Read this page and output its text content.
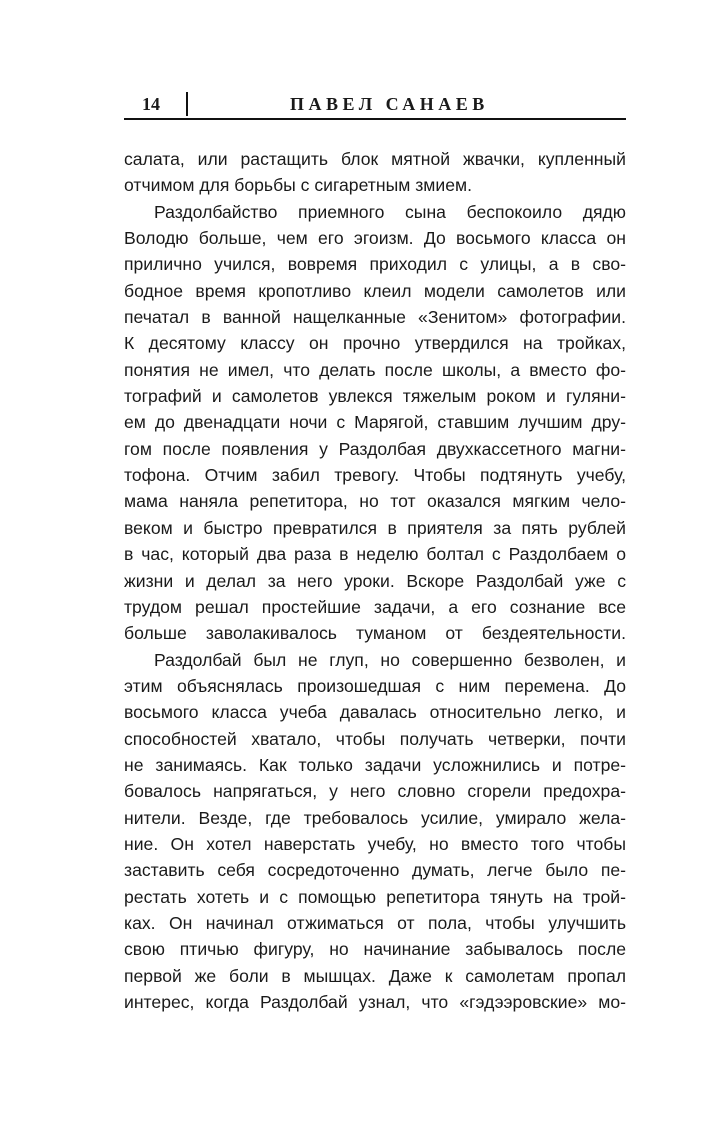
14	ПАВЕЛ САНАЕВ
салата, или растащить блок мятной жвачки, купленный
отчимом для борьбы с сигаретным змием.
Раздолбайство приемного сына беспокоило дядю
Володю больше, чем его эгоизм. До восьмого класса он
прилично учился, вовремя приходил с улицы, а в сво-
бодное время кропотливо клеил модели самолетов или
печатал в ванной нащелканные «Зенитом» фотографии.
К десятому классу он прочно утвердился на тройках,
понятия не имел, что делать после школы, а вместо фо-
тографий и самолетов увлекся тяжелым роком и гуляни-
ем до двенадцати ночи с Марягой, ставшим лучшим дру-
гом после появления у Раздолбая двухкассетного магни-
тофона. Отчим забил тревогу. Чтобы подтянуть учебу,
мама наняла репетитора, но тот оказался мягким чело-
веком и быстро превратился в приятеля за пять рублей
в час, который два раза в неделю болтал с Раздолбаем о
жизни и делал за него уроки. Вскоре Раздолбай уже с
трудом решал простейшие задачи, а его сознание все
больше заволакивалось туманом от бездеятельности.
Раздолбай был не глуп, но совершенно безволен, и
этим объяснялась произошедшая с ним перемена. До
восьмого класса учеба давалась относительно легко, и
способностей хватало, чтобы получать четверки, почти
не занимаясь. Как только задачи усложнились и потре-
бовалось напрягаться, у него словно сгорели предохра-
нители. Везде, где требовалось усилие, умирало жела-
ние. Он хотел наверстать учебу, но вместо того чтобы
заставить себя сосредоточенно думать, легче было пе-
рестать хотеть и с помощью репетитора тянуть на трой-
ках. Он начинал отжиматься от пола, чтобы улучшить
свою птичью фигуру, но начинание забывалось после
первой же боли в мышцах. Даже к самолетам пропал
интерес, когда Раздолбай узнал, что «гэдээровские» мо-
